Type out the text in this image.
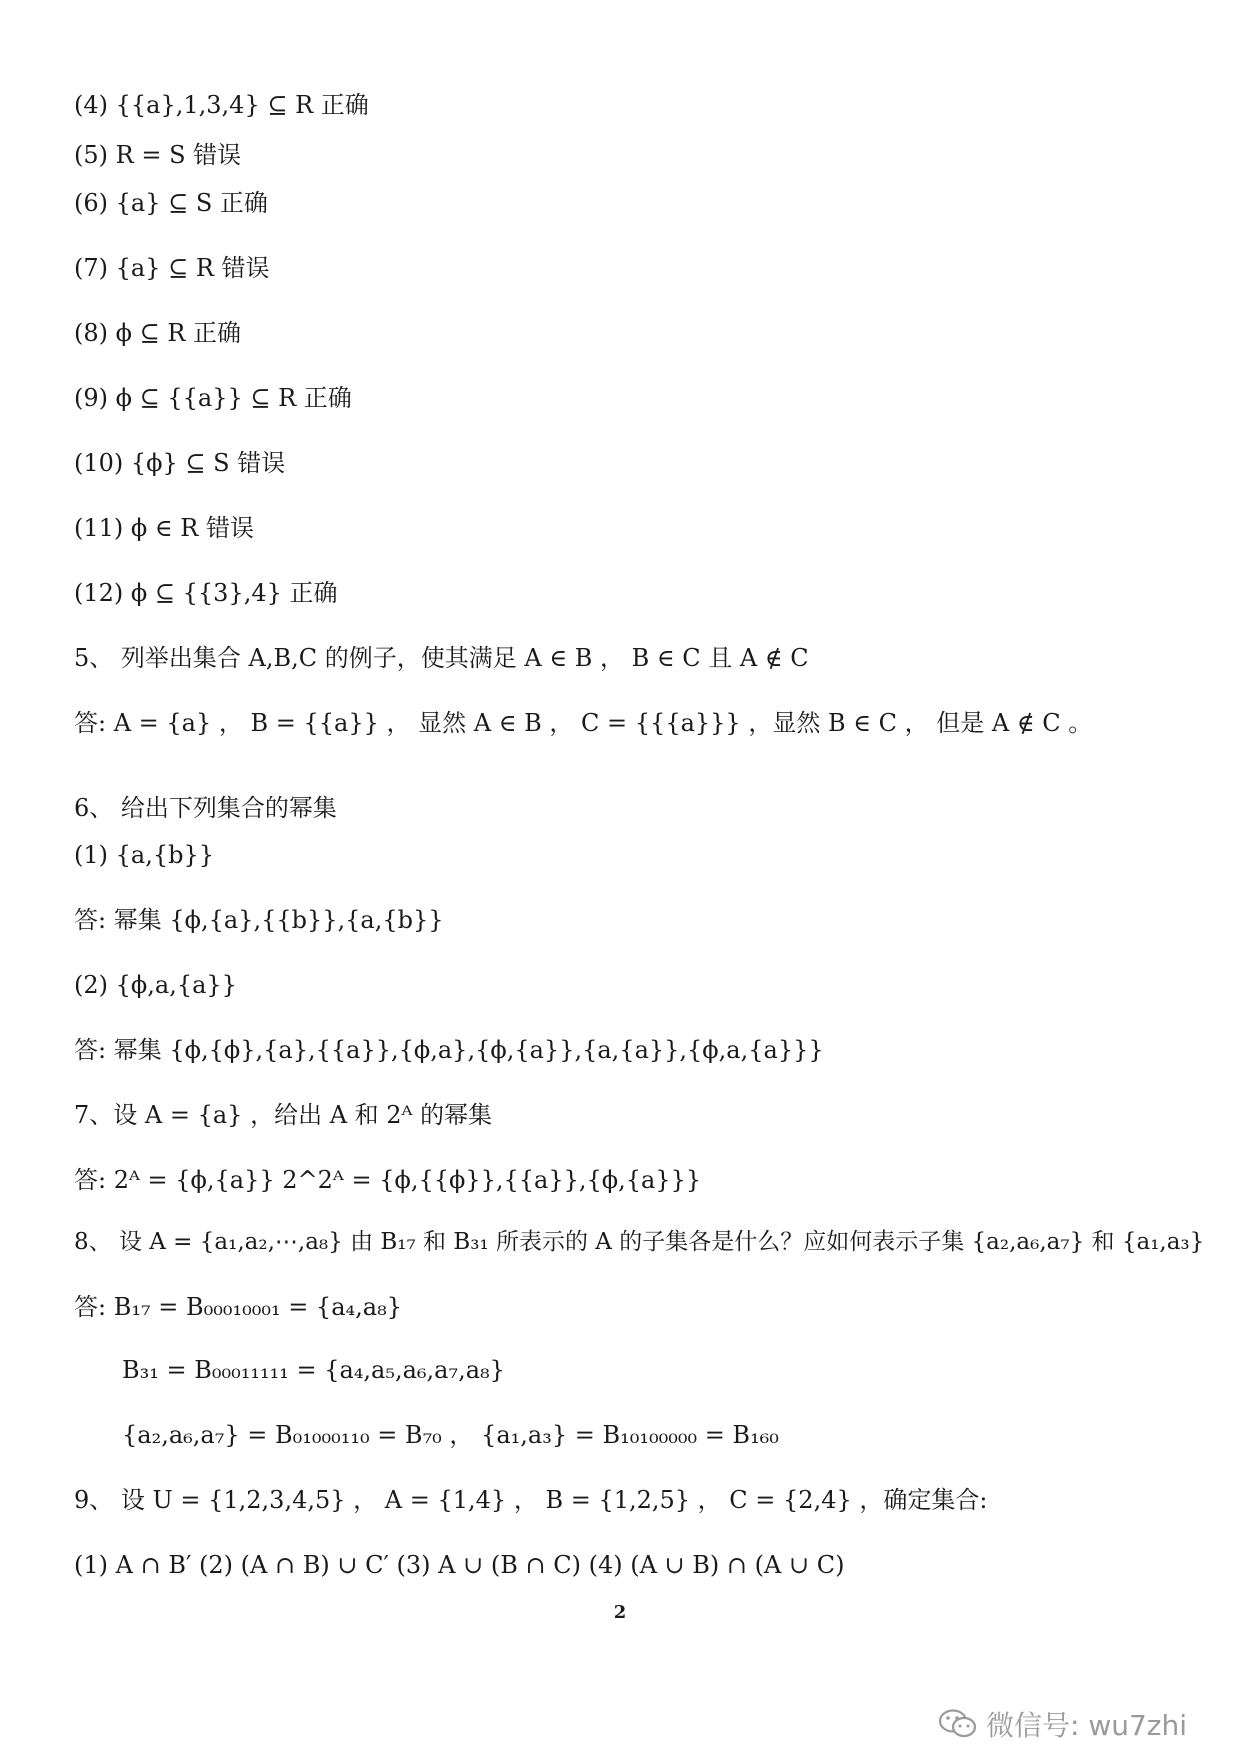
(4) {{a},1,3,4} ⊆ R 正确
(5) R = S 错误
(6) {a} ⊆ S 正确
(7) {a} ⊆ R 错误
(8) ϕ ⊆ R 正确
(9) ϕ ⊆ {{a}} ⊆ R 正确
(10) {ϕ} ⊆ S 错误
(11) ϕ ∈ R 错误
(12) ϕ ⊆ {{3},4} 正确
5、 列举出集合 A,B,C 的例子，使其满足 A ∈ B ， B ∈ C 且 A ∉ C
答: A = {a} ， B = {{a}} ， 显然 A ∈ B ， C = {{{a}}} ，显然 B ∈ C ， 但是 A ∉ C 。
6、 给出下列集合的幂集
(1) {a,{b}}
答: 幂集 {ϕ,{a},{{b}},{a,{b}}
(2) {ϕ,a,{a}}
答: 幂集 {ϕ,{ϕ},{a},{{a}},{ϕ,a},{ϕ,{a}},{a,{a}},{ϕ,a,{a}}}
7、设 A = {a} ，给出 A 和 2ᴬ 的幂集
答: 2ᴬ = {ϕ,{a}} 2^2ᴬ = {ϕ,{{ϕ}},{{a}},{ϕ,{a}}}
8、 设 A = {a₁,a₂,⋯,a₈} 由 B₁₇ 和 B₃₁ 所表示的 A 的子集各是什么？应如何表示子集 {a₂,a₆,a₇} 和 {a₁,a₃}
答: B₁₇ = B₀₀₀₁₀₀₀₁ = {a₄,a₈}
B₃₁ = B₀₀₀₁₁₁₁₁ = {a₄,a₅,a₆,a₇,a₈}
{a₂,a₆,a₇} = B₀₁₀₀₀₁₁₀ = B₇₀ ， {a₁,a₃} = B₁₀₁₀₀₀₀₀ = B₁₆₀
9、 设 U = {1,2,3,4,5} ， A = {1,4} ， B = {1,2,5} ， C = {2,4} ，确定集合:
(1) A ∩ B′ (2) (A ∩ B) ∪ C′ (3) A ∪ (B ∩ C) (4) (A ∪ B) ∩ (A ∪ C)
2
微信号: wu7zhi
